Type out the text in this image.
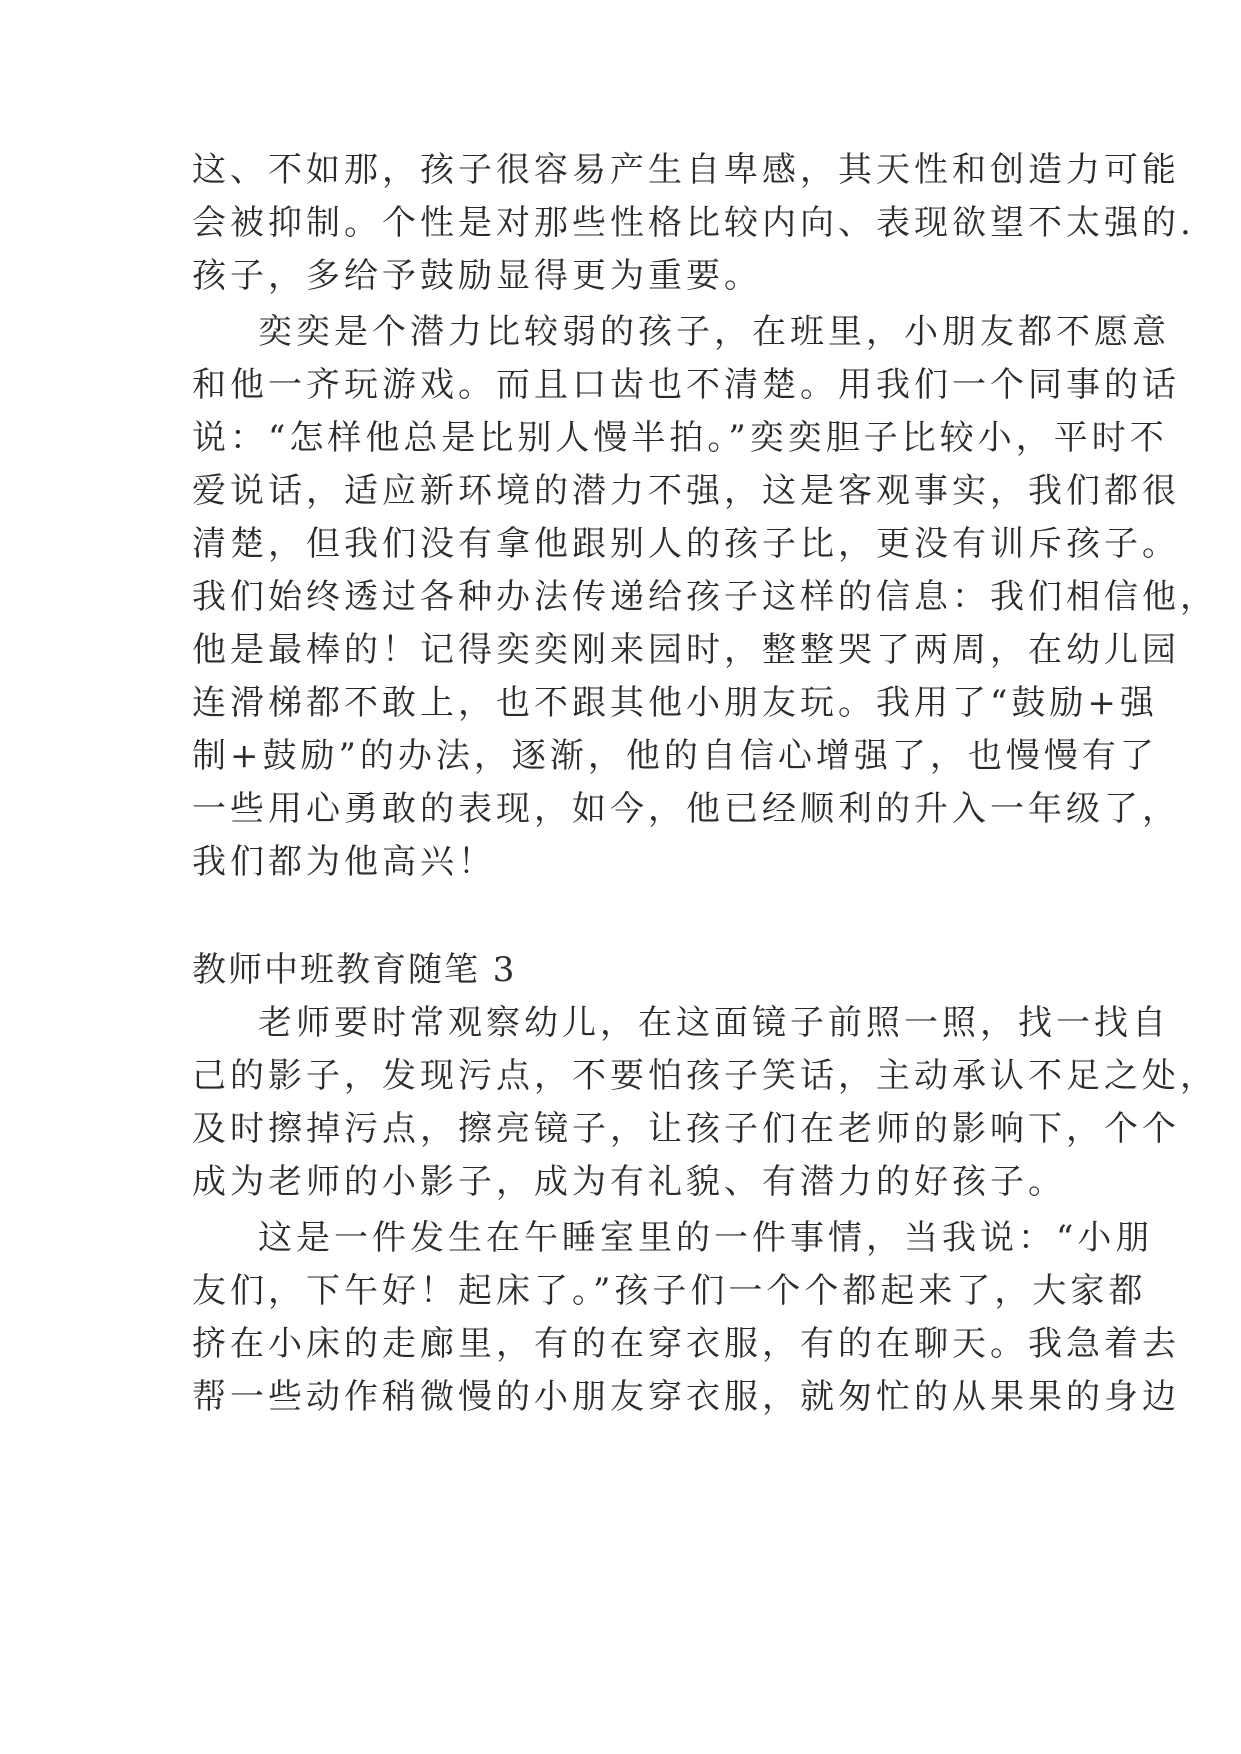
这、不如那，孩子很容易产生自卑感，其天性和创造力可能
会被抑制。个性是对那些性格比较内向、表现欲望不太强的.
孩子，多给予鼓励显得更为重要。
奕奕是个潜力比较弱的孩子，在班里，小朋友都不愿意
和他一齐玩游戏。而且口齿也不清楚。用我们一个同事的话
说：“怎样他总是比别人慢半拍。”奕奕胆子比较小，平时不
爱说话，适应新环境的潜力不强，这是客观事实，我们都很
清楚，但我们没有拿他跟别人的孩子比，更没有训斥孩子。
我们始终透过各种办法传递给孩子这样的信息：我们相信他，
他是最棒的！记得奕奕刚来园时，整整哭了两周，在幼儿园
连滑梯都不敢上，也不跟其他小朋友玩。我用了“鼓励+强
制+鼓励”的办法，逐渐，他的自信心增强了，也慢慢有了
一些用心勇敢的表现，如今，他已经顺利的升入一年级了，
我们都为他高兴！
教师中班教育随笔 3
老师要时常观察幼儿，在这面镜子前照一照，找一找自
己的影子，发现污点，不要怕孩子笑话，主动承认不足之处，
及时擦掉污点，擦亮镜子，让孩子们在老师的影响下，个个
成为老师的小影子，成为有礼貌、有潜力的好孩子。
这是一件发生在午睡室里的一件事情，当我说：“小朋
友们，下午好！起床了。”孩子们一个个都起来了，大家都
挤在小床的走廊里，有的在穿衣服，有的在聊天。我急着去
帮一些动作稍微慢的小朋友穿衣服，就匆忙的从果果的身边
